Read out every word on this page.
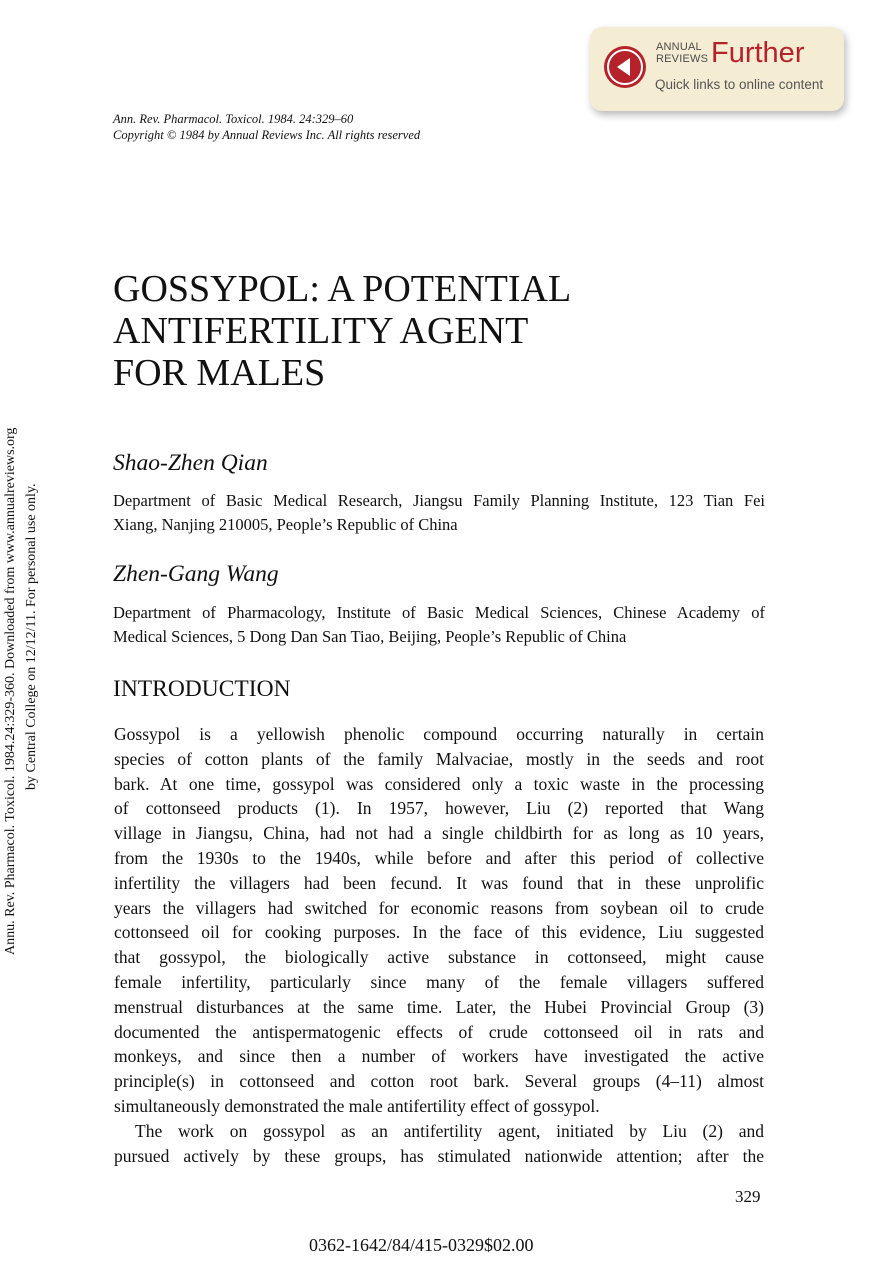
ANNUAL
REVIEWS Further
Quick links to online content
Ann. Rev. Pharmacol. Toxicol. 1984. 24:329–60
Copyright © 1984 by Annual Reviews Inc. All rights reserved
Annu. Rev. Pharmacol. Toxicol. 1984.24:329-360. Downloaded from www.annualreviews.org by Central College on 12/12/11. For personal use only.
GOSSYPOL: A POTENTIAL
ANTIFERTILITY AGENT
FOR MALES
Shao-Zhen Qian
Department of Basic Medical Research, Jiangsu Family Planning Institute, 123 Tian Fei
Xiang, Nanjing 210005, People’s Republic of China
Zhen-Gang Wang
Department of Pharmacology, Institute of Basic Medical Sciences, Chinese Academy of
Medical Sciences, 5 Dong Dan San Tiao, Beijing, People’s Republic of China
INTRODUCTION
Gossypol is a yellowish phenolic compound occurring naturally in certain
species of cotton plants of the family Malvaciae, mostly in the seeds and root
bark. At one time, gossypol was considered only a toxic waste in the processing
of cottonseed products (1). In 1957, however, Liu (2) reported that Wang
village in Jiangsu, China, had not had a single childbirth for as long as 10 years,
from the 1930s to the 1940s, while before and after this period of collective
infertility the villagers had been fecund. It was found that in these unprolific
years the villagers had switched for economic reasons from soybean oil to crude
cottonseed oil for cooking purposes. In the face of this evidence, Liu suggested
that gossypol, the biologically active substance in cottonseed, might cause
female infertility, particularly since many of the female villagers suffered
menstrual disturbances at the same time. Later, the Hubei Provincial Group (3)
documented the antispermatogenic effects of crude cottonseed oil in rats and
monkeys, and since then a number of workers have investigated the active
principle(s) in cottonseed and cotton root bark. Several groups (4–11) almost
simultaneously demonstrated the male antifertility effect of gossypol.
The work on gossypol as an antifertility agent, initiated by Liu (2) and
pursued actively by these groups, has stimulated nationwide attention; after the
329
0362-1642/84/415-0329$02.00
